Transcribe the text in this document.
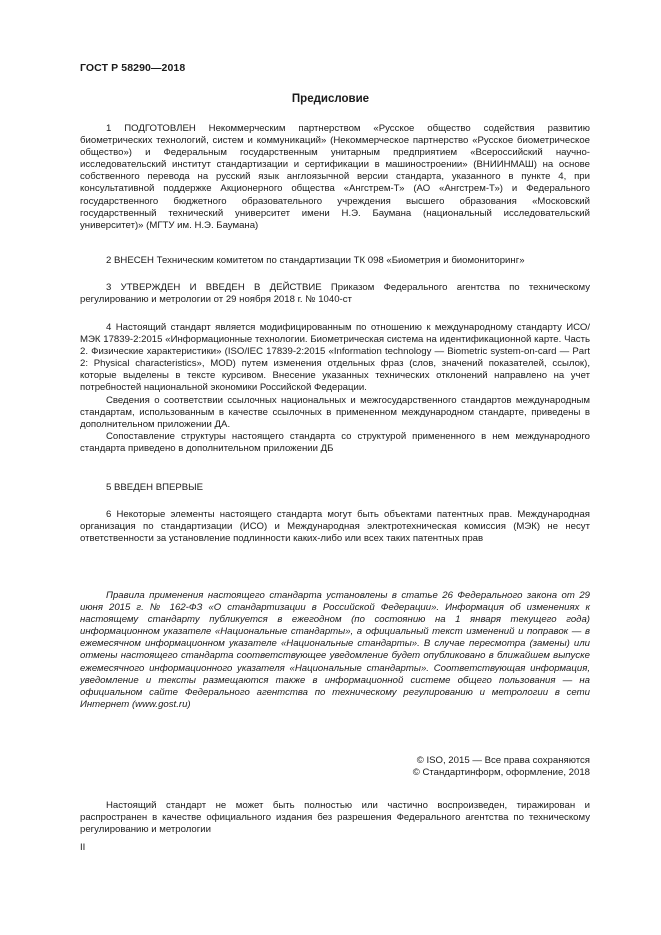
ГОСТ Р 58290—2018
Предисловие

1 ПОДГОТОВЛЕН Некоммерческим партнерством «Русское общество содействия развитию биометрических технологий, систем и коммуникаций» (Некоммерческое партнерство «Русское биометрическое общество») и Федеральным государственным унитарным предприятием «Всероссийский научно-исследовательский институт стандартизации и сертификации в машиностроении» (ВНИИНМАШ) на основе собственного перевода на русский язык англоязычной версии стандарта, указанного в пункте 4, при консультативной поддержке Акционерного общества «Ангстрем-Т» (АО «Ангстрем-Т») и Федерального государственного бюджетного образовательного учреждения высшего образования «Московский государственный технический университет имени Н.Э. Баумана (национальный исследовательский университет)» (МГТУ им. Н.Э. Баумана)

2 ВНЕСЕН Техническим комитетом по стандартизации ТК 098 «Биометрия и биомониторинг»

3 УТВЕРЖДЕН И ВВЕДЕН В ДЕЙСТВИЕ Приказом Федерального агентства по техническому регулированию и метрологии от 29 ноября 2018 г. № 1040-ст

4 Настоящий стандарт является модифицированным по отношению к международному стандарту ИСО/МЭК 17839-2:2015 «Информационные технологии. Биометрическая система на идентификационной карте. Часть 2. Физические характеристики» (ISO/IEC 17839-2:2015 «Information technology — Biometric system-on-card — Part 2: Physical characteristics», MOD) путем изменения отдельных фраз (слов, значений показателей, ссылок), которые выделены в тексте курсивом. Внесение указанных технических отклонений направлено на учет потребностей национальной экономики Российской Федерации.

Сведения о соответствии ссылочных национальных и межгосударственного стандартов международным стандартам, использованным в качестве ссылочных в примененном международном стандарте, приведены в дополнительном приложении ДА.

Сопоставление структуры настоящего стандарта со структурой примененного в нем международного стандарта приведено в дополнительном приложении ДБ

5 ВВЕДЕН ВПЕРВЫЕ

6 Некоторые элементы настоящего стандарта могут быть объектами патентных прав. Международная организация по стандартизации (ИСО) и Международная электротехническая комиссия (МЭК) не несут ответственности за установление подлинности каких-либо или всех таких патентных прав

Правила применения настоящего стандарта установлены в статье 26 Федерального закона от 29 июня 2015 г. № 162-ФЗ «О стандартизации в Российской Федерации». Информация об изменениях к настоящему стандарту публикуется в ежегодном (по состоянию на 1 января текущего года) информационном указателе «Национальные стандарты», а официальный текст изменений и поправок — в ежемесячном информационном указателе «Национальные стандарты». В случае пересмотра (замены) или отмены настоящего стандарта соответствующее уведомление будет опубликовано в ближайшем выпуске ежемесячного информационного указателя «Национальные стандарты». Соответствующая информация, уведомление и тексты размещаются также в информационной системе общего пользования — на официальном сайте Федерального агентства по техническому регулированию и метрологии в сети Интернет (www.gost.ru)

© ISO, 2015 — Все права сохраняются

© Стандартинформ, оформление, 2018

Настоящий стандарт не может быть полностью или частично воспроизведен, тиражирован и распространен в качестве официального издания без разрешения Федерального агентства по техническому регулированию и метрологии

II
